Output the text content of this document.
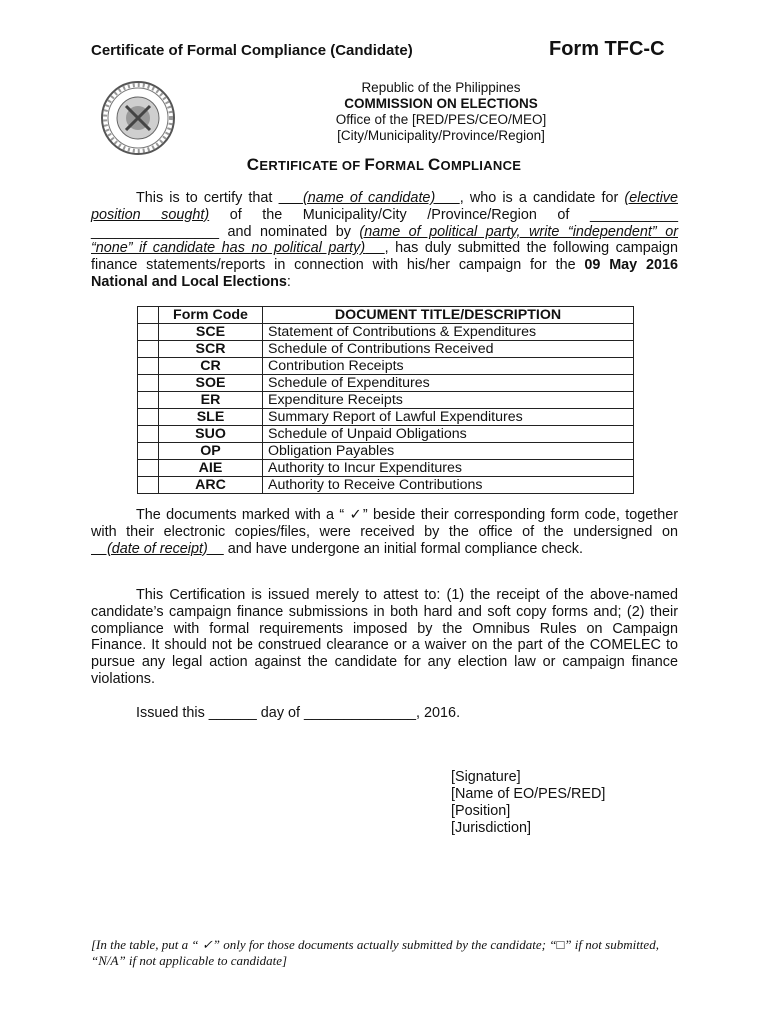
Certificate of Formal Compliance (Candidate)	Form TFC-C
Republic of the Philippines
COMMISSION ON ELECTIONS
Office of the [RED/PES/CEO/MEO]
[City/Municipality/Province/Region]
CERTIFICATE OF FORMAL COMPLIANCE
This is to certify that     (name of candidate)    , who is a candidate for (elective position sought) of the Municipality/City /Province/Region of ___________ ________________ and nominated by (name of political party, write “independent” or “none” if candidate has no political party) , has duly submitted the following campaign finance statements/reports in connection with his/her campaign for the 09 May 2016 National and Local Elections:
	Form Code	DOCUMENT TITLE/DESCRIPTION
	SCE	Statement of Contributions & Expenditures
	SCR	Schedule of Contributions Received
	CR	Contribution Receipts
	SOE	Schedule of Expenditures
	ER	Expenditure Receipts
	SLE	Summary Report of Lawful Expenditures
	SUO	Schedule of Unpaid Obligations
	OP	Obligation Payables
	AIE	Authority to Incur Expenditures
	ARC	Authority to Receive Contributions
The documents marked with a “ ✓” beside their corresponding form code, together with their electronic copies/files, were received by the office of the undersigned on     (date of receipt)     and have undergone an initial formal compliance check.
This Certification is issued merely to attest to: (1) the receipt of the above-named candidate’s campaign finance submissions in both hard and soft copy forms and; (2) their compliance with formal requirements imposed by the Omnibus Rules on Campaign Finance. It should not be construed clearance or a waiver on the part of the COMELEC to pursue any legal action against the candidate for any election law or campaign finance violations.
Issued this ______ day of ______________, 2016.
[Signature]
[Name of EO/PES/RED]
[Position]
[Jurisdiction]
[In the table, put a “ ✓” only for those documents actually submitted by the candidate; “□” if not submitted, “N/A” if not applicable to candidate]
